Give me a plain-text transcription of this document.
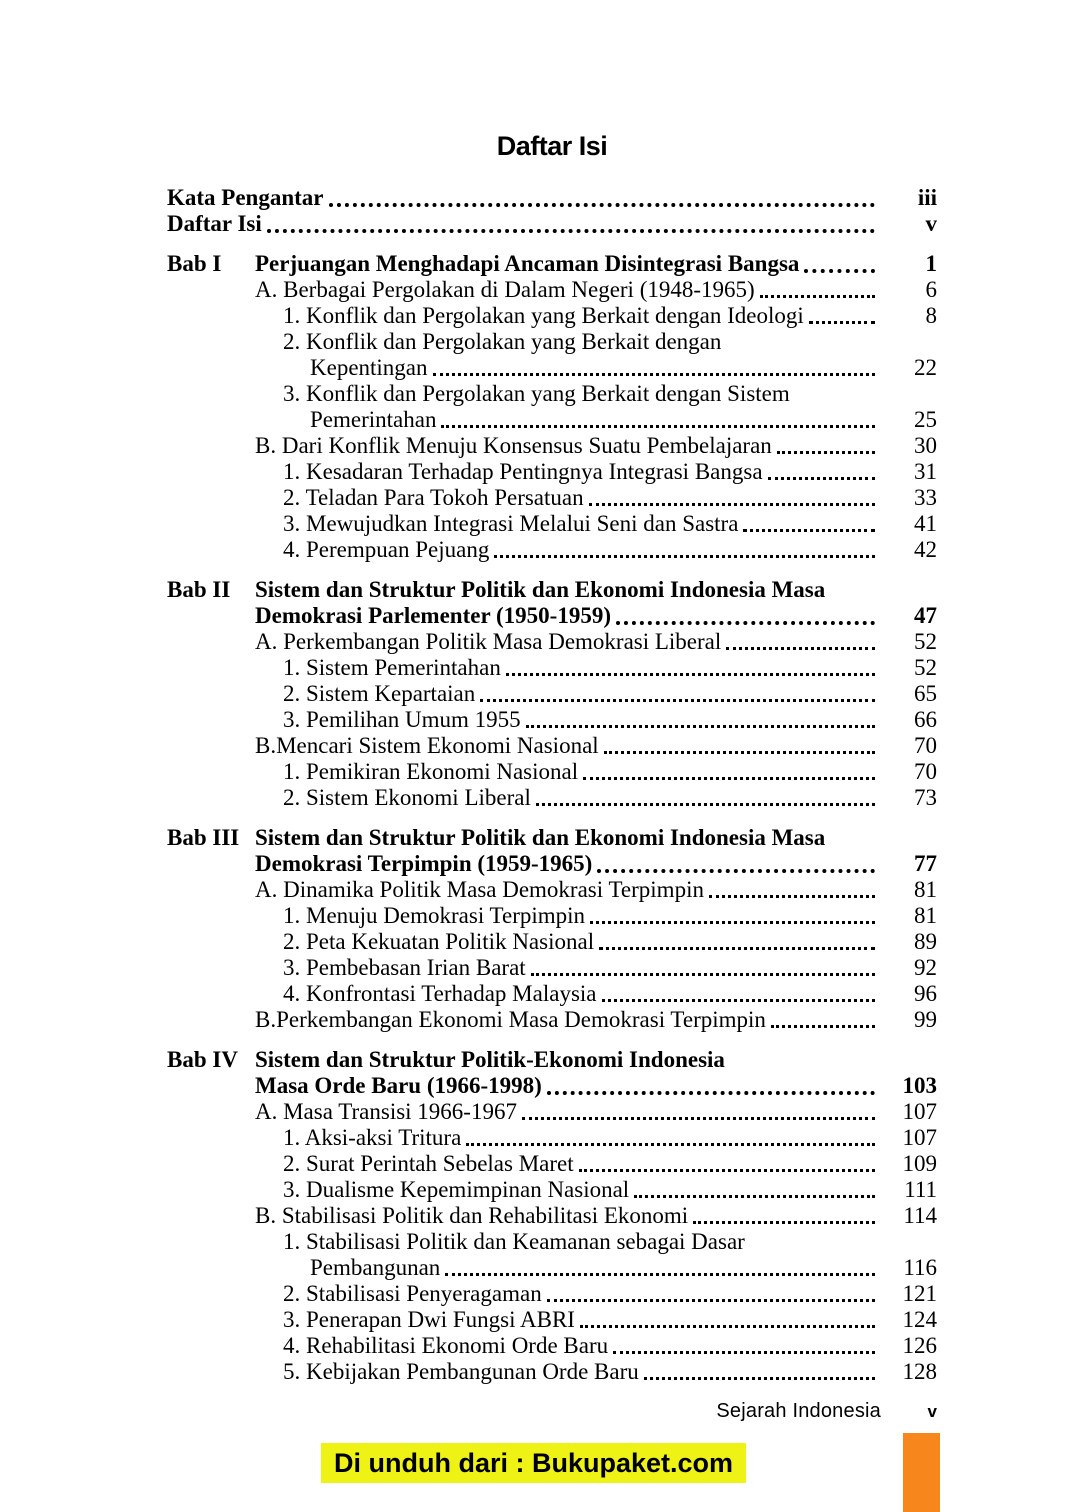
Daftar Isi
Kata Pengantar	iii
Daftar Isi	v
Bab I Perjuangan Menghadapi Ancaman Disintegrasi Bangsa	1
A. Berbagai Pergolakan di Dalam Negeri (1948-1965)	6
1. Konflik dan Pergolakan yang Berkait dengan Ideologi	8
2. Konflik dan Pergolakan yang Berkait dengan
Kepentingan	22
3. Konflik dan Pergolakan yang Berkait dengan Sistem
Pemerintahan	25
B. Dari Konflik Menuju Konsensus Suatu Pembelajaran	30
1. Kesadaran Terhadap Pentingnya Integrasi Bangsa	31
2. Teladan Para Tokoh Persatuan	33
3. Mewujudkan Integrasi Melalui Seni dan Sastra	41
4. Perempuan Pejuang	42
Bab II Sistem dan Struktur Politik dan Ekonomi Indonesia Masa
Demokrasi Parlementer (1950-1959)	47
A. Perkembangan Politik Masa Demokrasi Liberal	52
1. Sistem Pemerintahan	52
2. Sistem Kepartaian	65
3. Pemilihan Umum 1955	66
B.Mencari Sistem Ekonomi Nasional	70
1. Pemikiran Ekonomi Nasional	70
2. Sistem Ekonomi Liberal	73
Bab III Sistem dan Struktur Politik dan Ekonomi Indonesia Masa
Demokrasi Terpimpin (1959-1965)	77
A. Dinamika Politik Masa Demokrasi Terpimpin	81
1. Menuju Demokrasi Terpimpin	81
2. Peta Kekuatan Politik Nasional	89
3. Pembebasan Irian Barat	92
4. Konfrontasi Terhadap Malaysia	96
B.Perkembangan Ekonomi Masa Demokrasi Terpimpin	99
Bab IV Sistem dan Struktur Politik-Ekonomi Indonesia
Masa Orde Baru (1966-1998)	103
A. Masa Transisi 1966-1967	107
1. Aksi-aksi Tritura	107
2. Surat Perintah Sebelas Maret	109
3. Dualisme Kepemimpinan Nasional	111
B. Stabilisasi Politik dan Rehabilitasi Ekonomi	114
1. Stabilisasi Politik dan Keamanan sebagai Dasar
Pembangunan	116
2. Stabilisasi Penyeragaman	121
3. Penerapan Dwi Fungsi ABRI	124
4. Rehabilitasi Ekonomi Orde Baru	126
5. Kebijakan Pembangunan Orde Baru	128
Sejarah Indonesia	v
Di unduh dari : Bukupaket.com
